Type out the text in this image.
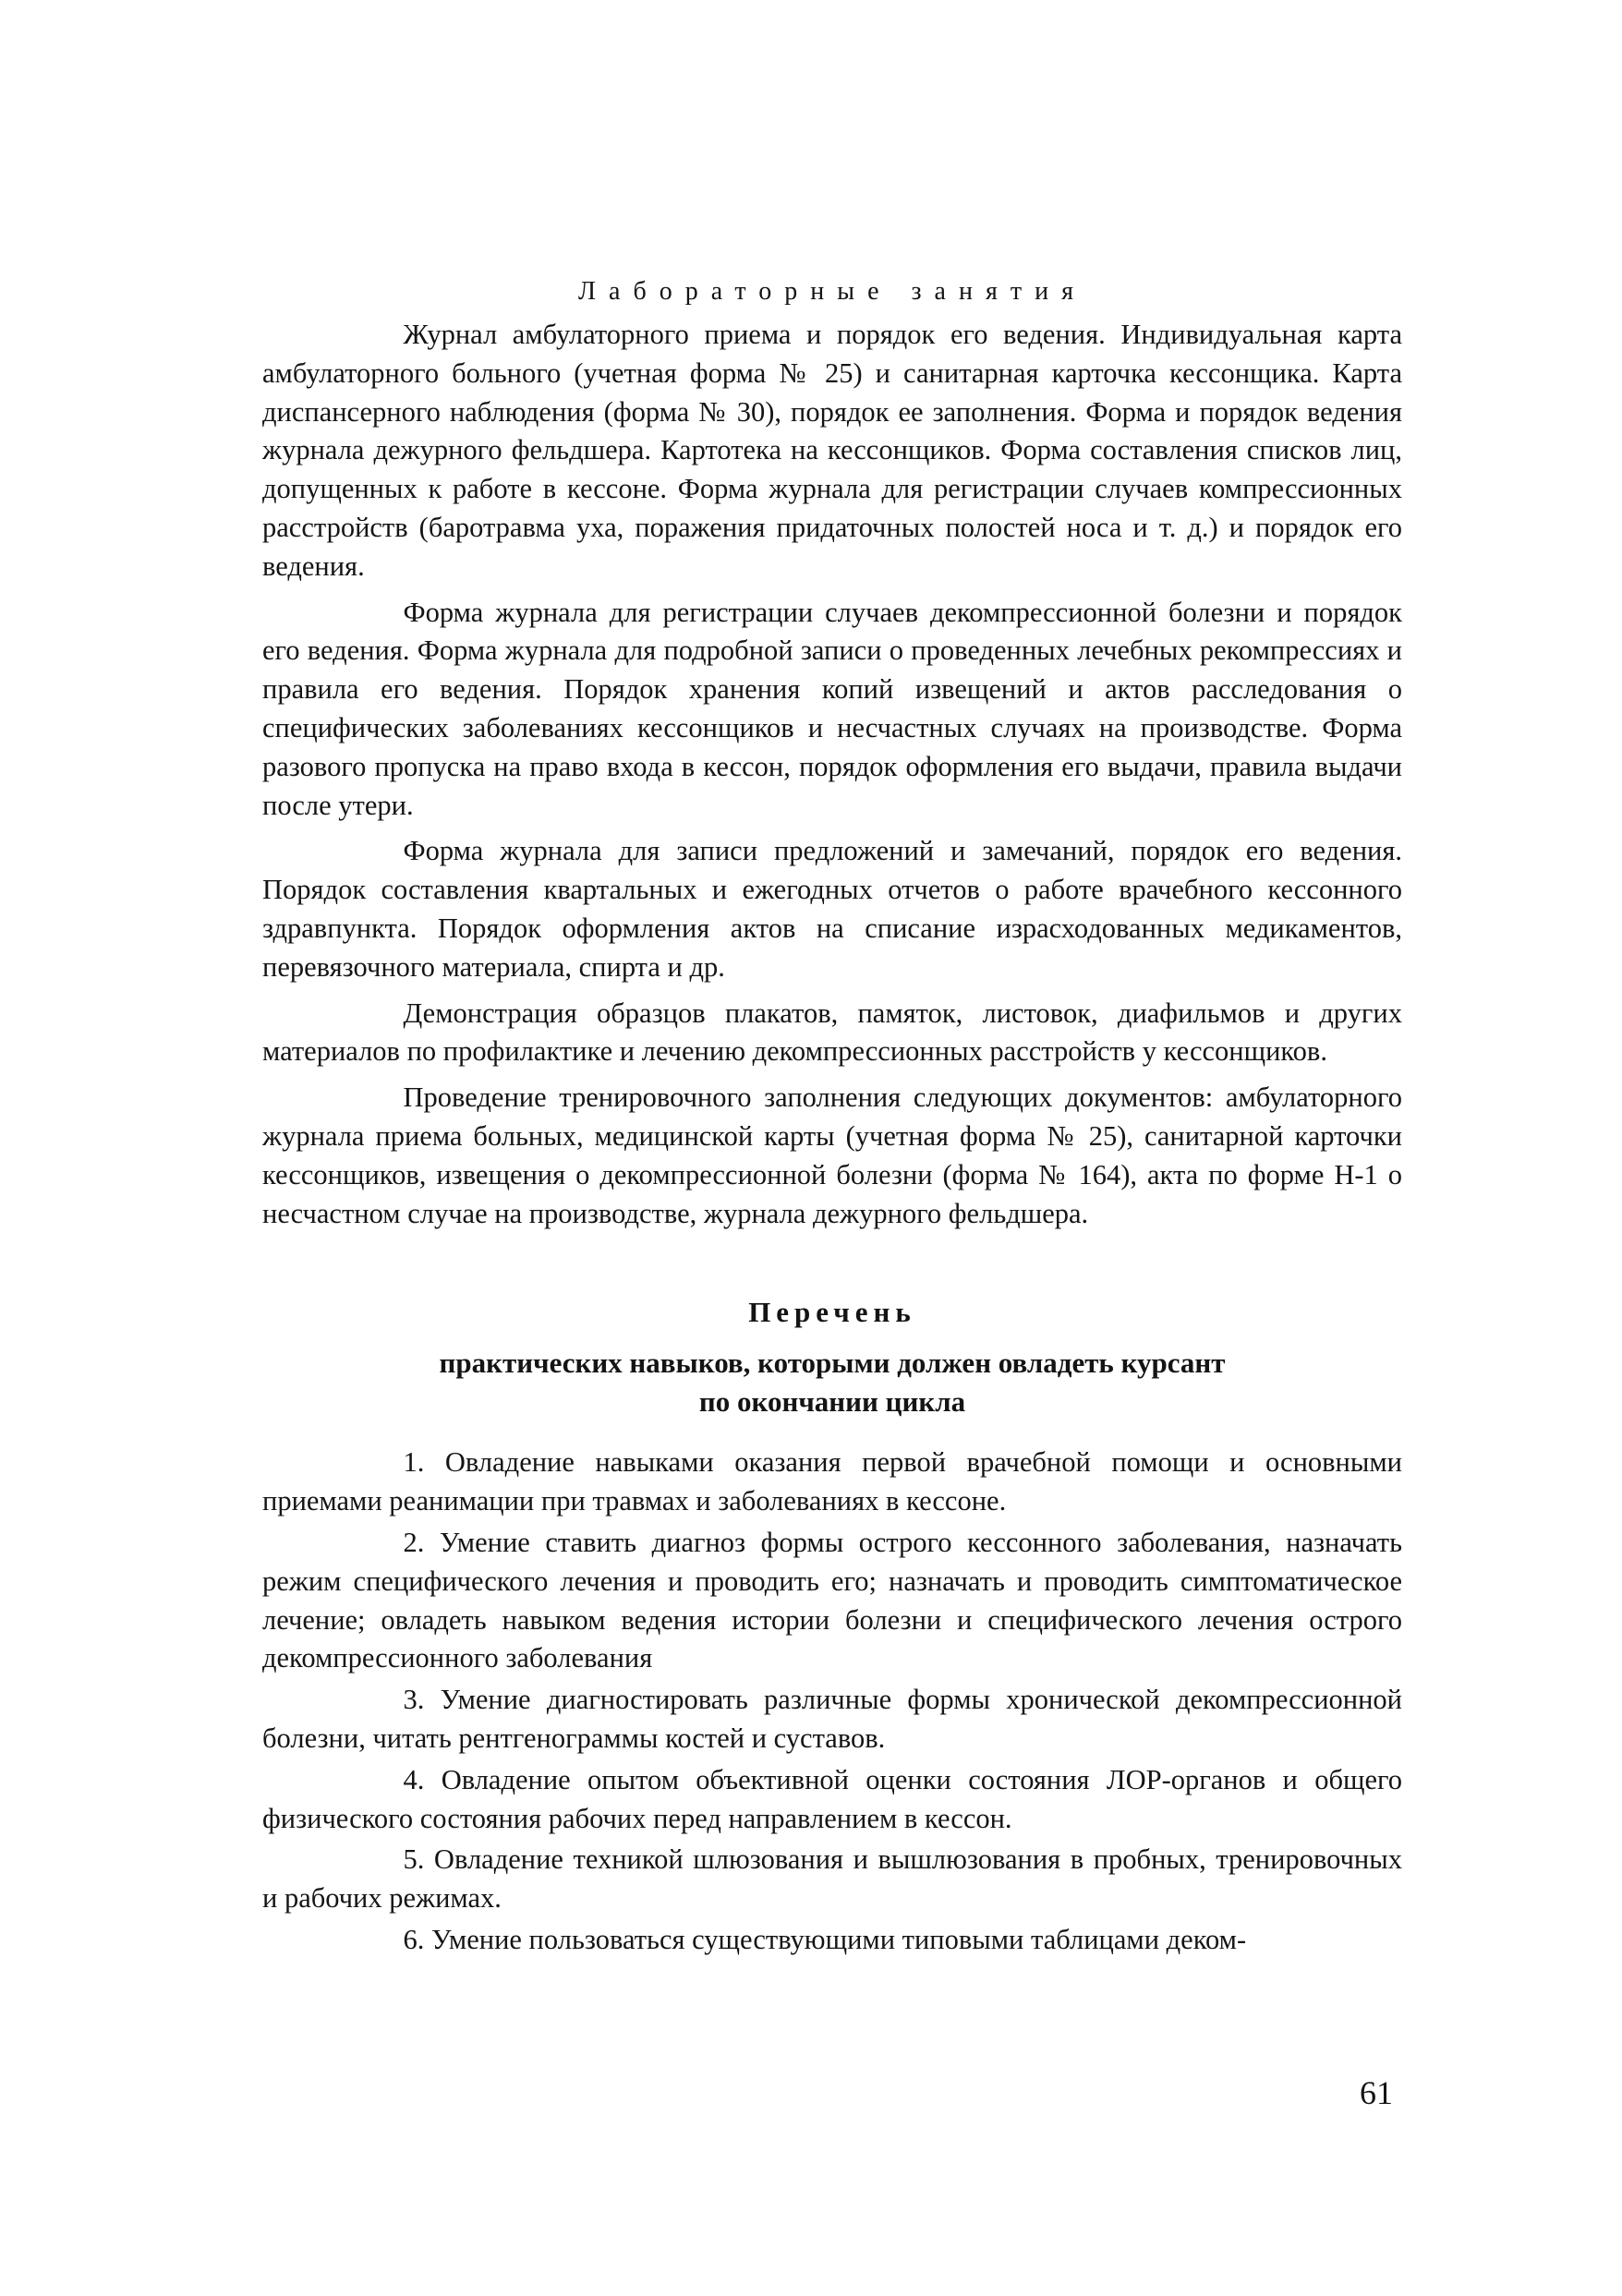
Лабораторные занятия

Журнал амбулаторного приема и порядок его ведения. Индивидуальная карта амбулаторного больного (учетная форма № 25) и санитарная карточка кессонщика. Карта диспансерного наблюдения (форма № 30), порядок ее заполнения. Форма и порядок ведения журнала дежурного фельдшера. Картотека на кессонщиков. Форма составления списков лиц, допущенных к работе в кессоне. Форма журнала для регистрации случаев компрессионных расстройств (баротравма уха, поражения придаточных полостей носа и т. д.) и порядок его ведения.

Форма журнала для регистрации случаев декомпрессионной болезни и порядок его ведения. Форма журнала для подробной записи о проведенных лечебных рекомпрессиях и правила его ведения. Порядок хранения копий извещений и актов расследования о специфических заболеваниях кессонщиков и несчастных случаях на производстве. Форма разового пропуска на право входа в кессон, порядок оформления его выдачи, правила выдачи после утери.

Форма журнала для записи предложений и замечаний, порядок его ведения. Порядок составления квартальных и ежегодных отчетов о работе врачебного кессонного здравпункта. Порядок оформления актов на списание израсходованных медикаментов, перевязочного материала, спирта и др.

Демонстрация образцов плакатов, памяток, листовок, диафильмов и других материалов по профилактике и лечению декомпрессионных расстройств у кессонщиков.

Проведение тренировочного заполнения следующих документов: амбулаторного журнала приема больных, медицинской карты (учетная форма № 25), санитарной карточки кессонщиков, извещения о декомпрессионной болезни (форма № 164), акта по форме Н-1 о несчастном случае на производстве, журнала дежурного фельдшера.

Перечень
практических навыков, которыми должен овладеть курсант
по окончании цикла
1. Овладение навыками оказания первой врачебной помощи и основными приемами реанимации при травмах и заболеваниях в кессоне.
2. Умение ставить диагноз формы острого кессонного заболевания, назначать режим специфического лечения и проводить его; назначать и проводить симптоматическое лечение; овладеть навыком ведения истории болезни и специфического лечения острого декомпрессионного заболевания
3. Умение диагностировать различные формы хронической декомпрессионной болезни, читать рентгенограммы костей и суставов.
4. Овладение опытом объективной оценки состояния ЛОР-органов и общего физического состояния рабочих перед направлением в кессон.
5. Овладение техникой шлюзования и вышлюзования в пробных, тренировочных и рабочих режимах.
6. Умение пользоваться существующими типовыми таблицами деком-
61
